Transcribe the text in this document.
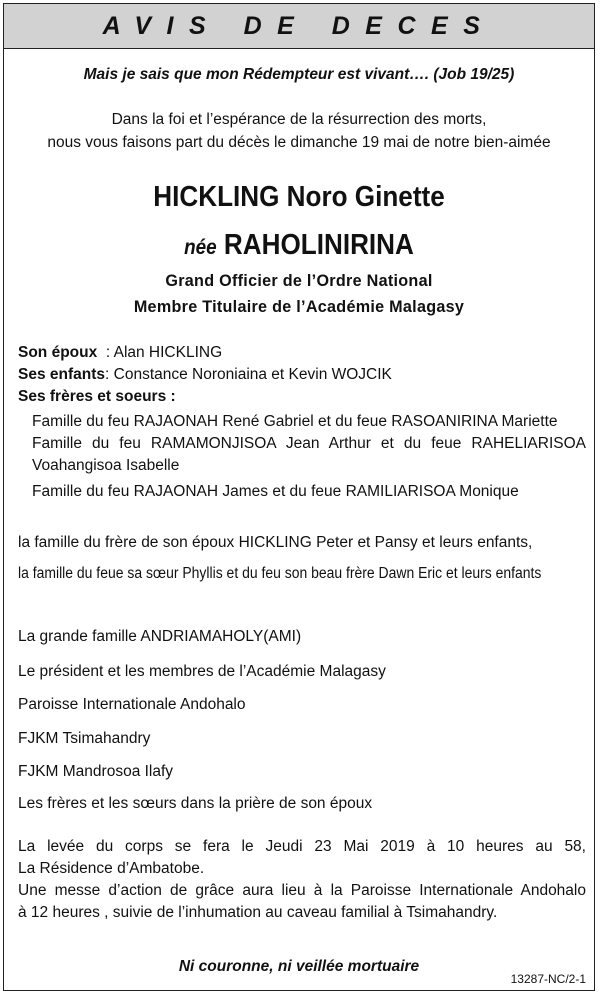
AVIS DE DECES
Mais je sais que mon Rédempteur est vivant…. (Job 19/25)
Dans la foi et l’espérance de la résurrection des morts,
nous vous faisons part du décès le dimanche 19 mai de notre bien-aimée
HICKLING Noro Ginette
née RAHOLINIRINA
Grand Officier de l’Ordre National
Membre Titulaire de l’Académie Malagasy
Son époux  : Alan HICKLING
Ses enfants: Constance Noroniaina et Kevin WOJCIK
Ses frères et soeurs :
Famille du feu RAJAONAH René Gabriel et du feue RASOANIRINA Mariette
Famille du feu RAMAMONJISOA Jean Arthur et du feue RAHELIARISOA
Voahangisoa Isabelle
Famille du feu RAJAONAH James et du feue RAMILIARISOA Monique
la famille du frère de son époux HICKLING Peter et Pansy et leurs enfants,
la famille du feue sa sœur Phyllis et du feu son beau frère Dawn Eric et leurs enfants
La grande famille ANDRIAMAHOLY(AMI)
Le président et les membres de l’Académie Malagasy
Paroisse Internationale Andohalo
FJKM Tsimahandry
FJKM Mandrosoa Ilafy
Les frères et les sœurs dans la prière de son époux
La levée du corps se fera le Jeudi 23 Mai 2019 à 10 heures au 58,
La Résidence d’Ambatobe.
Une messe d’action de grâce aura lieu à la Paroisse Internationale Andohalo
à 12 heures , suivie de l’inhumation au caveau familial à Tsimahandry.
Ni couronne, ni veillée mortuaire
13287-NC/2-1
